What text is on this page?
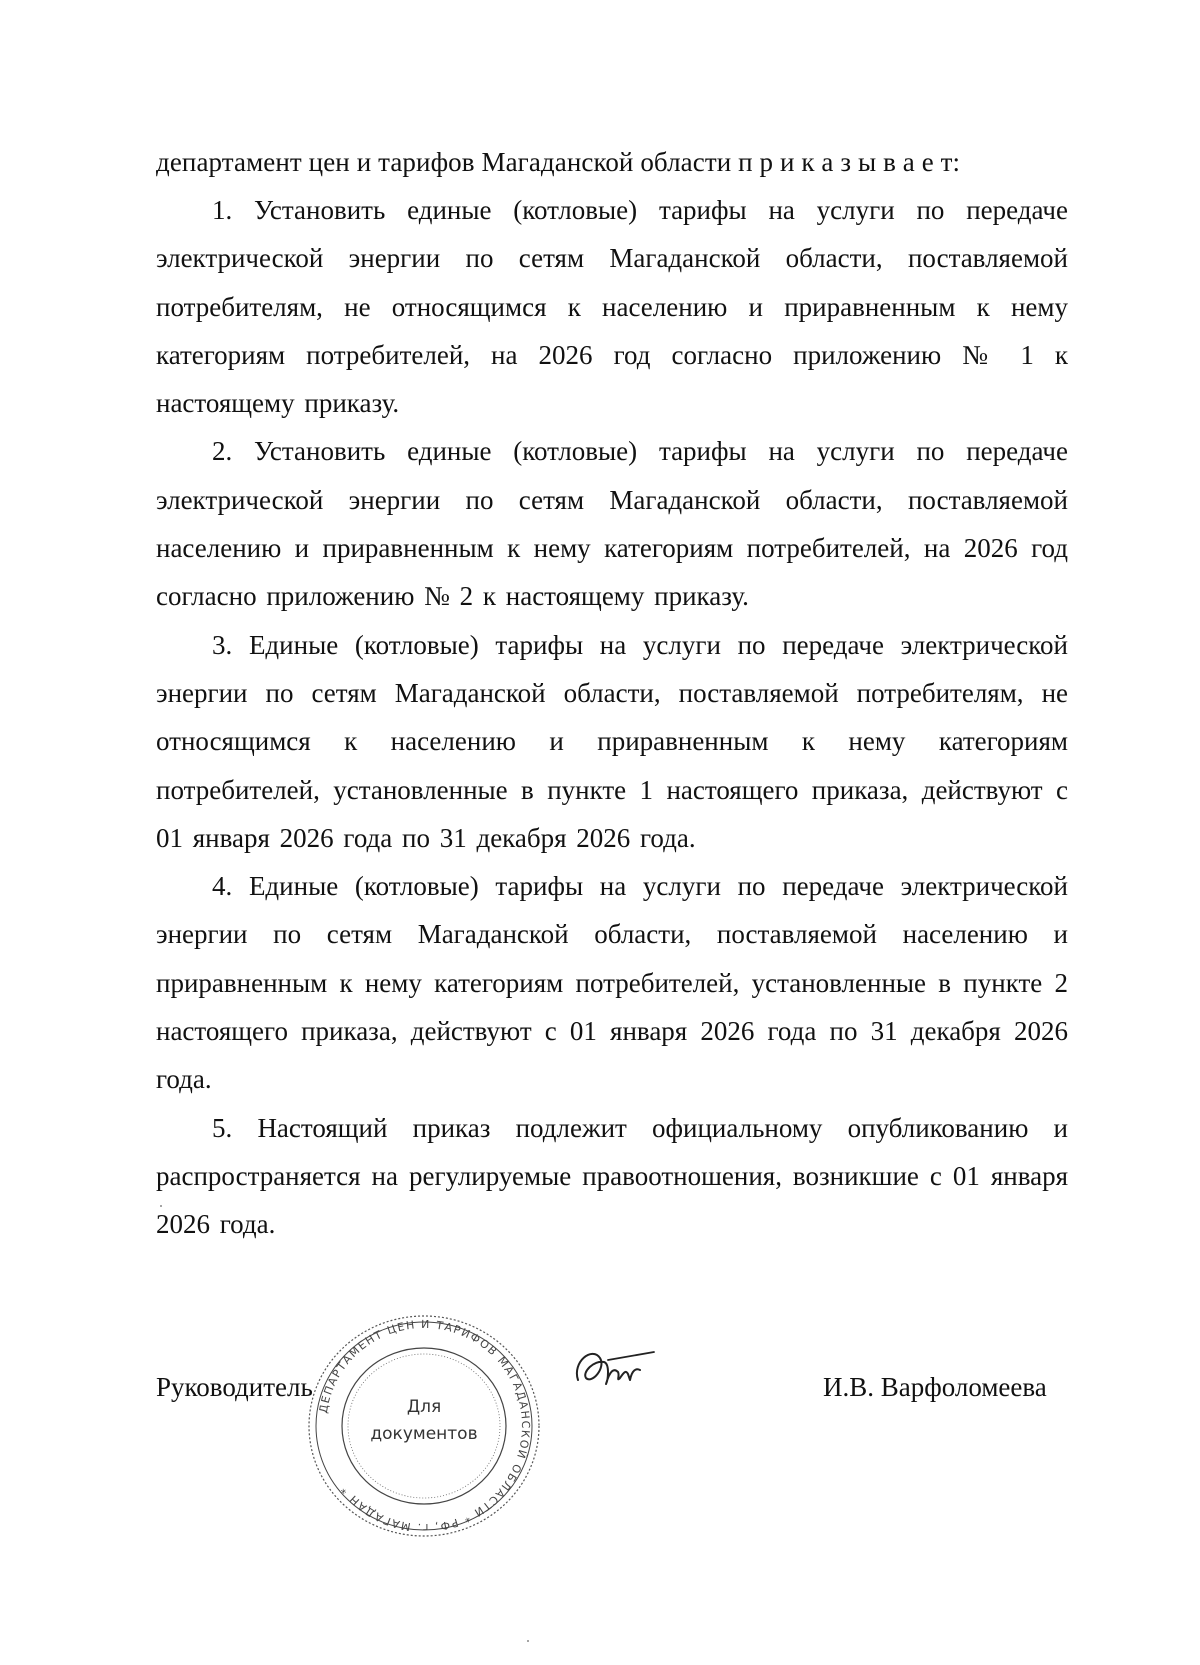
департамент цен и тарифов Магаданской области п р и к а з ы в а е т:

1. Установить единые (котловые) тарифы на услуги по передаче электрической энергии по сетям Магаданской области, поставляемой потребителям, не относящимся к населению и приравненным к нему категориям потребителей, на 2026 год согласно приложению № 1 к настоящему приказу.

2. Установить единые (котловые) тарифы на услуги по передаче электрической энергии по сетям Магаданской области, поставляемой населению и приравненным к нему категориям потребителей, на 2026 год согласно приложению № 2 к настоящему приказу.

3. Единые (котловые) тарифы на услуги по передаче электрической энергии по сетям Магаданской области, поставляемой потребителям, не относящимся к населению и приравненным к нему категориям потребителей, установленные в пункте 1 настоящего приказа, действуют с 01 января 2026 года по 31 декабря 2026 года.

4. Единые (котловые) тарифы на услуги по передаче электрической энергии по сетям Магаданской области, поставляемой населению и приравненным к нему категориям потребителей, установленные в пункте 2 настоящего приказа, действуют с 01 января 2026 года по 31 декабря 2026 года.

5. Настоящий приказ подлежит официальному опубликованию и распространяется на регулируемые правоотношения, возникшие с 01 января 2026 года.

Руководитель
ДЕПАРТАМЕНТ ЦЕН И ТАРИФОВ МАГАДАНСКОЙ ОБЛАСТИ * РФ, г. МАГАДАН *
Для
документов
И.В. Варфоломеева
